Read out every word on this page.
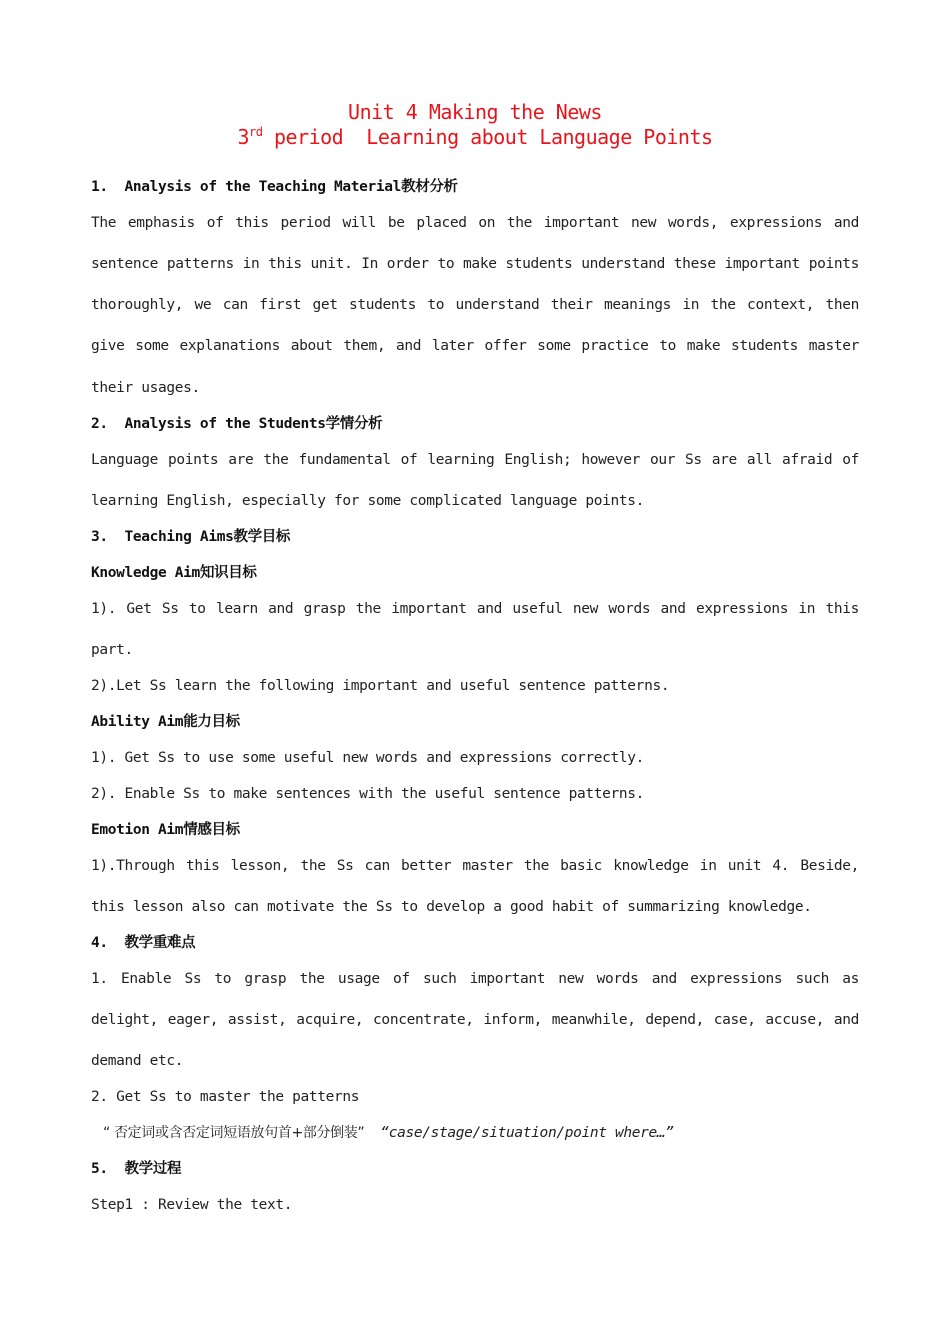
Unit 4 Making the News
3rd period  Learning about Language Points
1.  Analysis of the Teaching Material教材分析
The emphasis of this period will be placed on the important new words, expressions and
sentence patterns in this unit. In order to make students understand these important points
thoroughly, we can first get students to understand their meanings in the context, then
give some explanations about them, and later offer some practice to make students master
their usages.
2.  Analysis of the Students学情分析
Language points are the fundamental of learning English; however our Ss are all afraid of
learning English, especially for some complicated language points.
3.  Teaching Aims教学目标
Knowledge Aim知识目标
1). Get Ss to learn and grasp the important and useful new words and expressions in this
part.
2).Let Ss learn the following important and useful sentence patterns.
Ability Aim能力目标
1). Get Ss to use some useful new words and expressions correctly.
2). Enable Ss to make sentences with the useful sentence patterns.
Emotion Aim情感目标
1).Through this lesson, the Ss can better master the basic knowledge in unit 4. Beside,
this lesson also can motivate the Ss to develop a good habit of summarizing knowledge.
4.  教学重难点
1. Enable Ss to grasp the usage of such important new words and expressions such as
delight, eager, assist, acquire, concentrate, inform, meanwhile, depend, case, accuse, and
demand etc.
2. Get Ss to master the patterns
“ 否定词或含否定词短语放句首+部分倒装” “case/stage/situation/point where…”
5.  教学过程
Step1 : Review the text.
